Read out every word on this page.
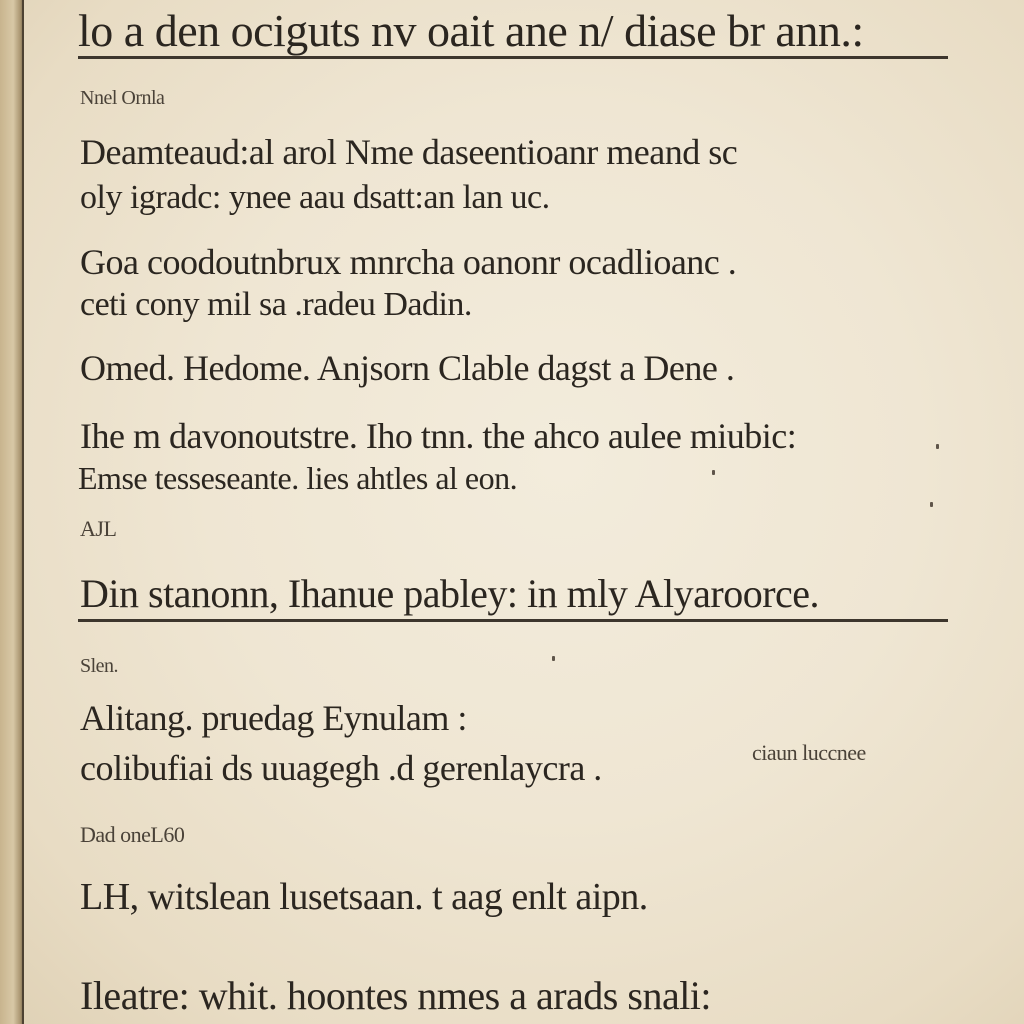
lo a den ociguts nv oait ane n/ diase br ann.:
Nnel Ornla
Deamteaud:al arol Nme daseentioanr meand sc
oly igradc: ynee aau dsatt:an lan uc.
Goa coodoutnbrux mnrcha oanonr ocadlioanc .
ceti cony mil sa .radeu Dadin.
Omed. Hedome. Anjsorn Clable dagst a Dene .
Ihe m davonoutstre. Iho tnn. the ahco aulee miubic:
Emse tesseseante. lies ahtles al eon.
AJL
Din stanonn, Ihanue pabley: in mly Alyaroorce.
Slen.
Alitang. pruedag Eynulam :
colibufiai ds uuagegh .d gerenlaycra .	ciaun luccnee
Dad oneL60
LH, witslean lusetsaan. t aag enlt aipn.
Ileatre: whit. hoontes nmes a arads snali:
